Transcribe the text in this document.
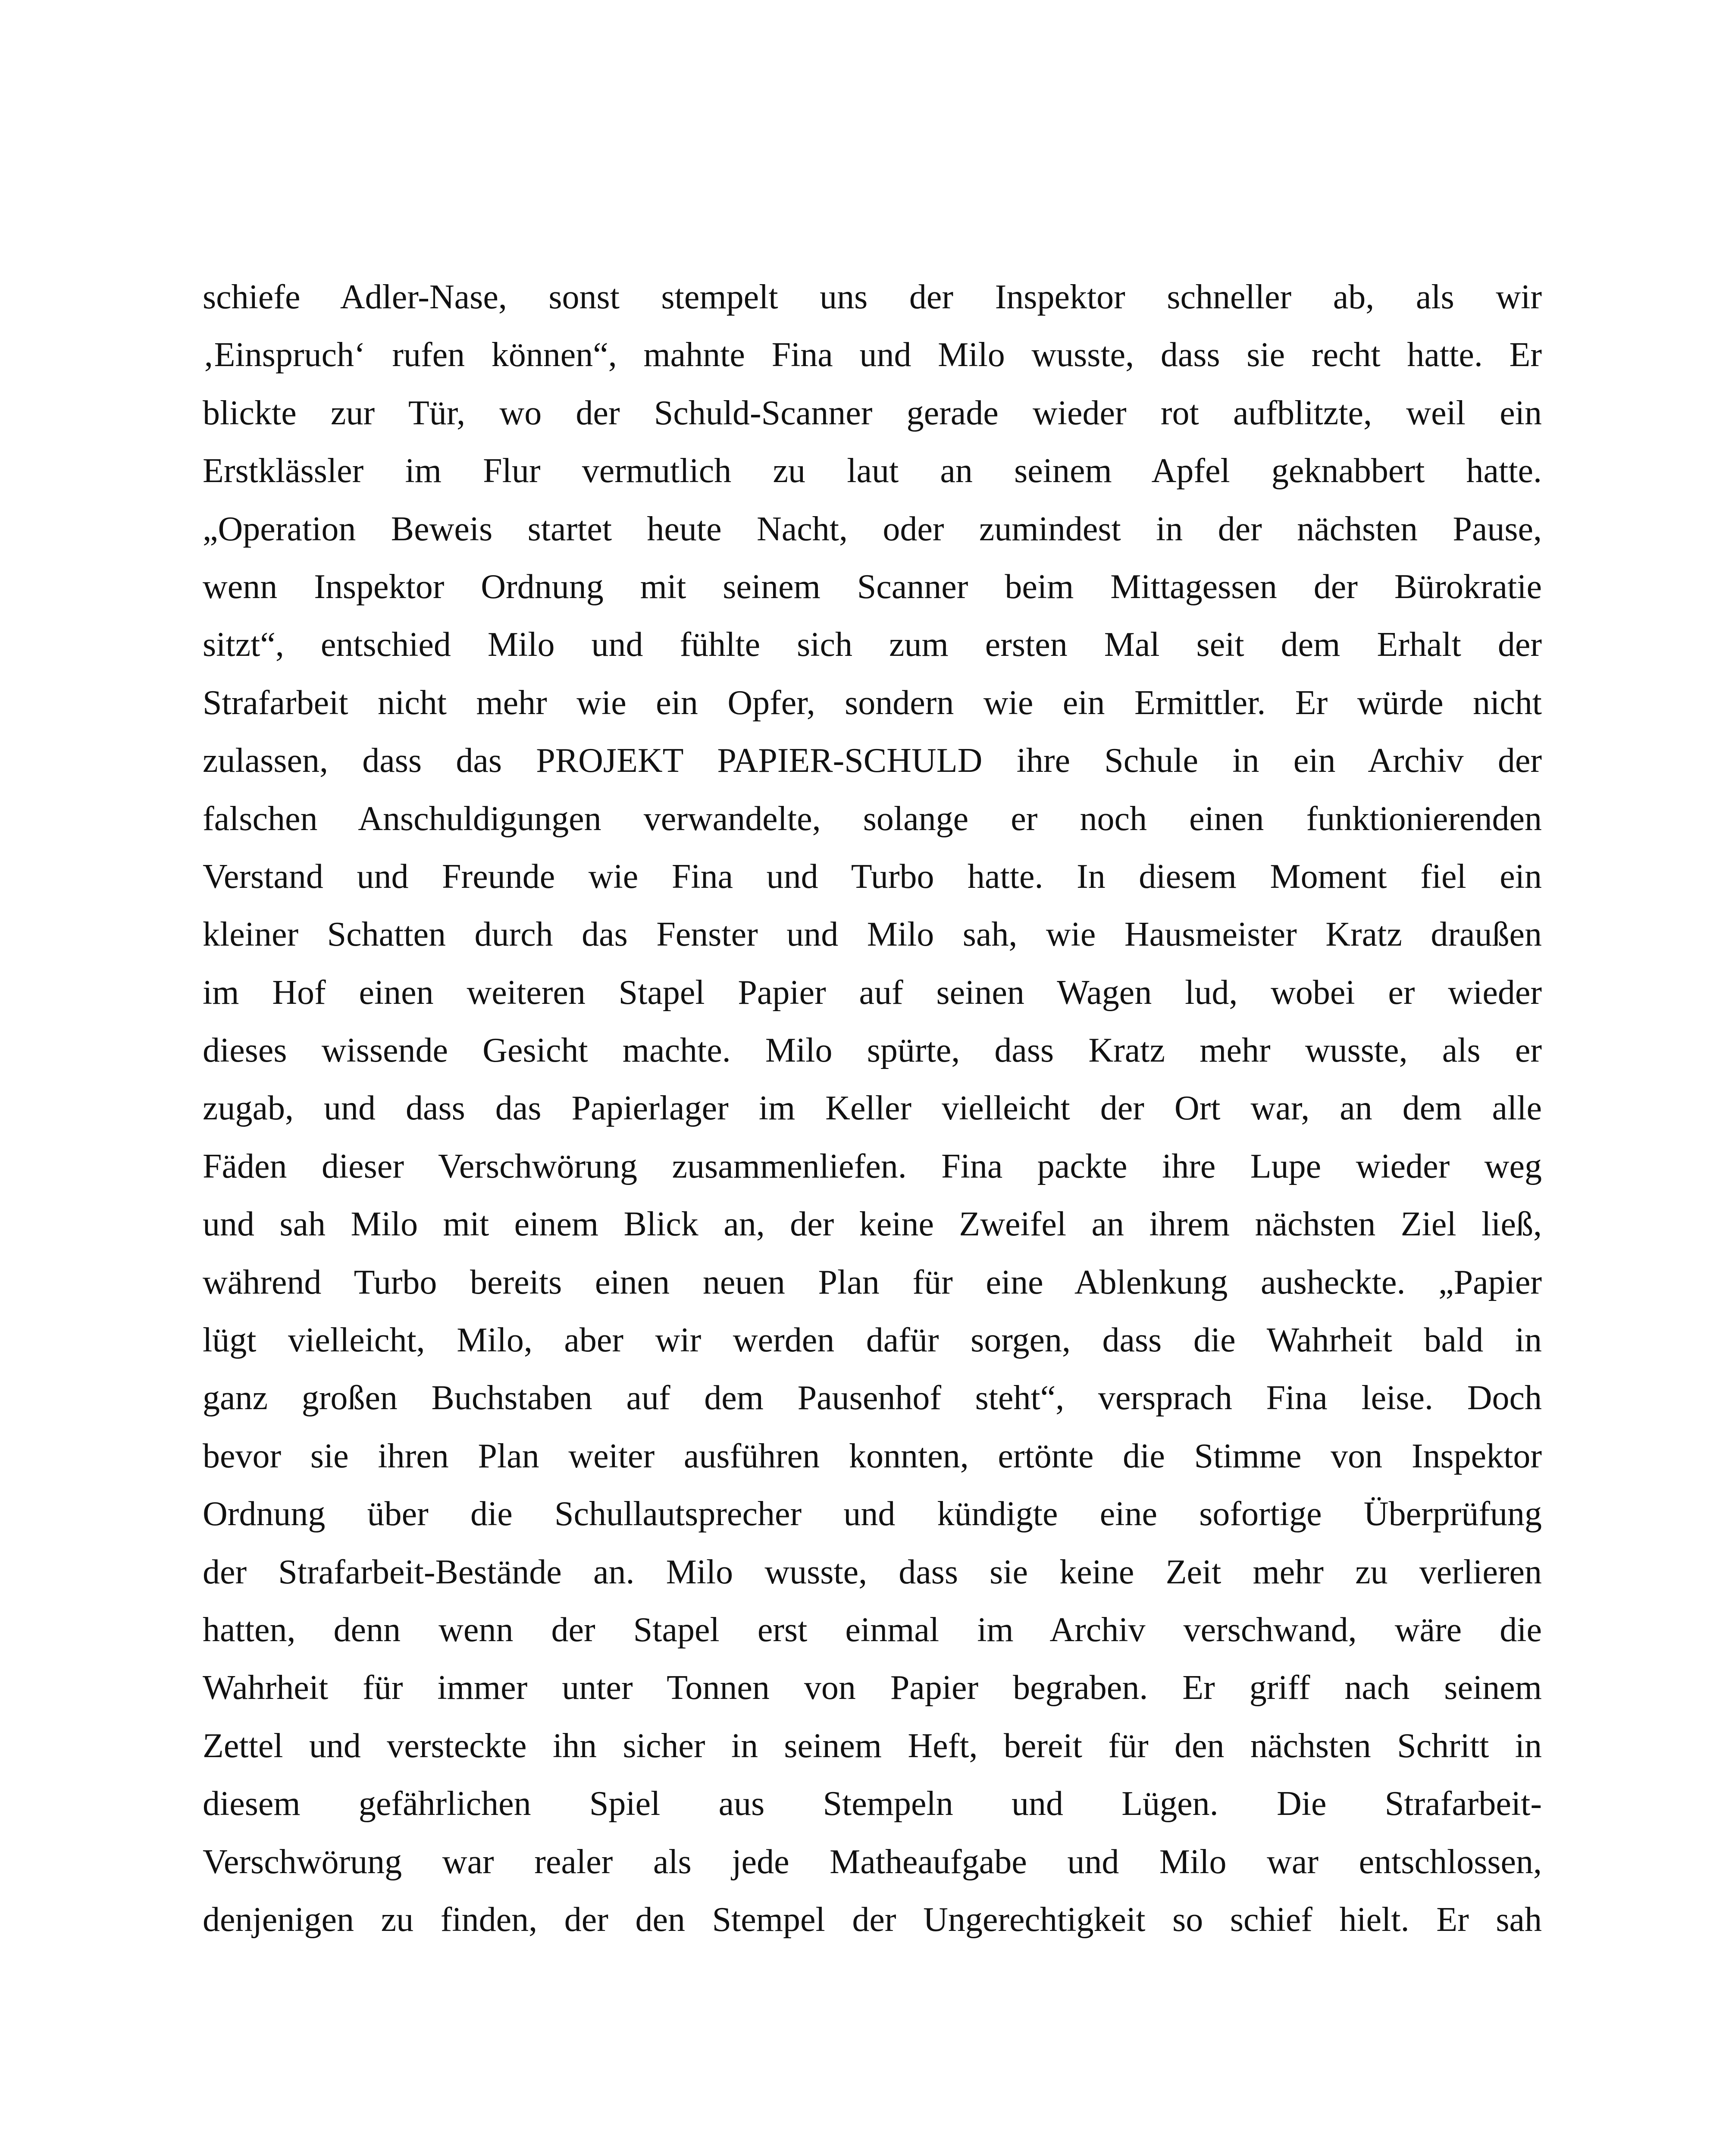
schiefe Adler-Nase, sonst stempelt uns der Inspektor schneller ab, als wir
‚Einspruch‘ rufen können“, mahnte Fina und Milo wusste, dass sie recht hatte. Er
blickte zur Tür, wo der Schuld-Scanner gerade wieder rot aufblitzte, weil ein
Erstklässler im Flur vermutlich zu laut an seinem Apfel geknabbert hatte.
„Operation Beweis startet heute Nacht, oder zumindest in der nächsten Pause,
wenn Inspektor Ordnung mit seinem Scanner beim Mittagessen der Bürokratie
sitzt“, entschied Milo und fühlte sich zum ersten Mal seit dem Erhalt der
Strafarbeit nicht mehr wie ein Opfer, sondern wie ein Ermittler. Er würde nicht
zulassen, dass das PROJEKT PAPIER-SCHULD ihre Schule in ein Archiv der
falschen Anschuldigungen verwandelte, solange er noch einen funktionierenden
Verstand und Freunde wie Fina und Turbo hatte. In diesem Moment fiel ein
kleiner Schatten durch das Fenster und Milo sah, wie Hausmeister Kratz draußen
im Hof einen weiteren Stapel Papier auf seinen Wagen lud, wobei er wieder
dieses wissende Gesicht machte. Milo spürte, dass Kratz mehr wusste, als er
zugab, und dass das Papierlager im Keller vielleicht der Ort war, an dem alle
Fäden dieser Verschwörung zusammenliefen. Fina packte ihre Lupe wieder weg
und sah Milo mit einem Blick an, der keine Zweifel an ihrem nächsten Ziel ließ,
während Turbo bereits einen neuen Plan für eine Ablenkung ausheckte. „Papier
lügt vielleicht, Milo, aber wir werden dafür sorgen, dass die Wahrheit bald in
ganz großen Buchstaben auf dem Pausenhof steht“, versprach Fina leise. Doch
bevor sie ihren Plan weiter ausführen konnten, ertönte die Stimme von Inspektor
Ordnung über die Schullautsprecher und kündigte eine sofortige Überprüfung
der Strafarbeit-Bestände an. Milo wusste, dass sie keine Zeit mehr zu verlieren
hatten, denn wenn der Stapel erst einmal im Archiv verschwand, wäre die
Wahrheit für immer unter Tonnen von Papier begraben. Er griff nach seinem
Zettel und versteckte ihn sicher in seinem Heft, bereit für den nächsten Schritt in
diesem gefährlichen Spiel aus Stempeln und Lügen. Die Strafarbeit-
Verschwörung war realer als jede Matheaufgabe und Milo war entschlossen,
denjenigen zu finden, der den Stempel der Ungerechtigkeit so schief hielt. Er sah
